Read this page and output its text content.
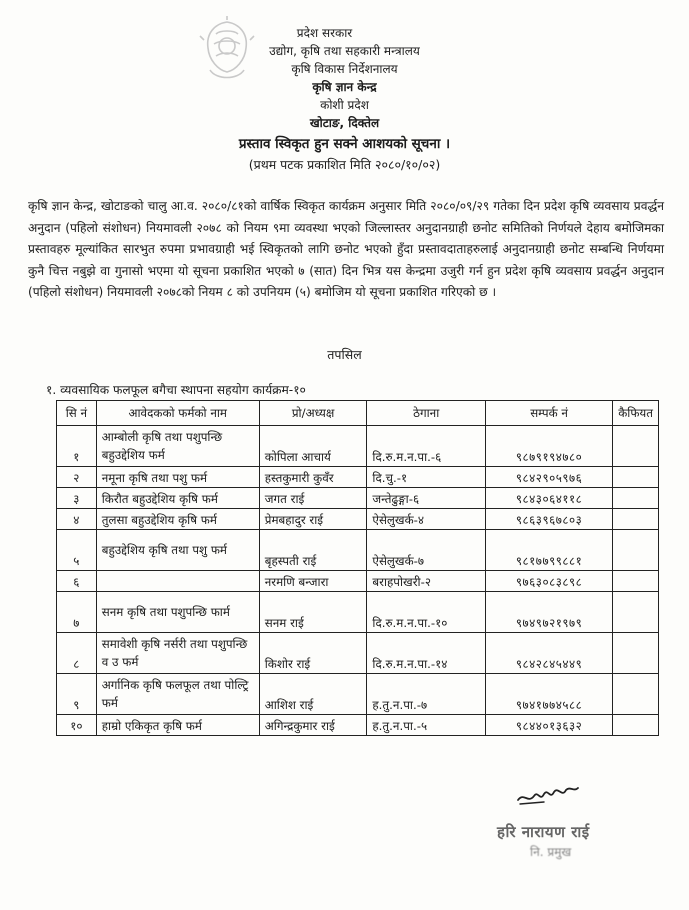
प्रदेश सरकार
उद्योग, कृषि तथा सहकारी मन्त्रालय
कृषि विकास निर्देशनालय
कृषि ज्ञान केन्द्र
कोशी प्रदेश
खोटाङ, दिक्तेल
प्रस्ताव स्विकृत हुन सक्ने आशयको सूचना ।
(प्रथम पटक प्रकाशित मिति २०८०/१०/०२)
कृषि ज्ञान केन्द्र, खोटाङको चालु आ.व. २०८०/८१को वार्षिक स्विकृत कार्यक्रम अनुसार मिति २०८०/०९/२९ गतेका दिन प्रदेश कृषि व्यवसाय प्रवर्द्धन अनुदान (पहिलो संशोधन) नियमावली २०७८ को नियम ९मा व्यवस्था भएको जिल्लास्तर अनुदानग्राही छनोट समितिको निर्णयले देहाय बमोजिमका प्रस्तावहरु मूल्यांकित सारभुत रुपमा प्रभावग्राही भई स्विकृतको लागि छनोट भएको हुँदा प्रस्तावदाताहरुलाई अनुदानग्राही छनोट सम्बन्धि निर्णयमा कुनै चित्त नबुझे वा गुनासो भएमा यो सूचना प्रकाशित भएको ७ (सात) दिन भित्र यस केन्द्रमा उजुरी गर्न हुन प्रदेश कृषि व्यवसाय प्रवर्द्धन अनुदान (पहिलो संशोधन) नियमावली २०७८को नियम ८ को उपनियम (५) बमोजिम यो सूचना प्रकाशित गरिएको छ ।
तपसिल
१. व्यवसायिक फलफूल बगैचा स्थापना सहयोग कार्यक्रम-१०
सि नं	आवेदकको फर्मको नाम	प्रो/अध्यक्ष	ठेगाना	सम्पर्क नं	कैफियत
१	आम्बोली कृषि तथा पशुपन्छि बहुउद्देशिय फर्म	कोपिला आचार्य	दि.रु.म.न.पा.-६	९८७९१९४७८०	
२	नमूना कृषि तथा पशु फर्म	हस्तकुमारी कुवँर	दि.चु.-१	९८४२९०५९७६	
३	किरौत बहुउद्देशिय कृषि फर्म	जगत राई	जन्तेढुङ्गा-६	९८४३०६४११८	
४	तुलसा बहुउद्देशिय कृषि फर्म	प्रेमबहादुर राई	ऐसेलुखर्क-४	९८६३९६७८०३	
५	बहुउद्देशिय कृषि तथा पशु फर्म	बृहस्पती राई	ऐसेलुखर्क-७	९८१७७९९८८१	
६		नरमणि बन्जारा	बराहपोखरी-२	९७६३०८३८९८	
७	सनम कृषि तथा पशुपन्छि फार्म	सनम राई	दि.रु.म.न.पा.-१०	९७४९७२१९७९	
८	समावेशी कृषि नर्सरी तथा पशुपन्छि व उ फर्म	किशोर राई	दि.रु.म.न.पा.-१४	९८४२८४५४४९	
९	अर्गानिक कृषि फलफूल तथा पोल्ट्रि फर्म	आशिश राई	ह.तु.न.पा.-७	९७४१७७४५८८	
१०	हाम्रो एकिकृत कृषि फर्म	अगिन्द्रकुमार राई	ह.तु.न.पा.-५	९८४४०१३६३२	
हरि नारायण राई
नि. प्रमुख
